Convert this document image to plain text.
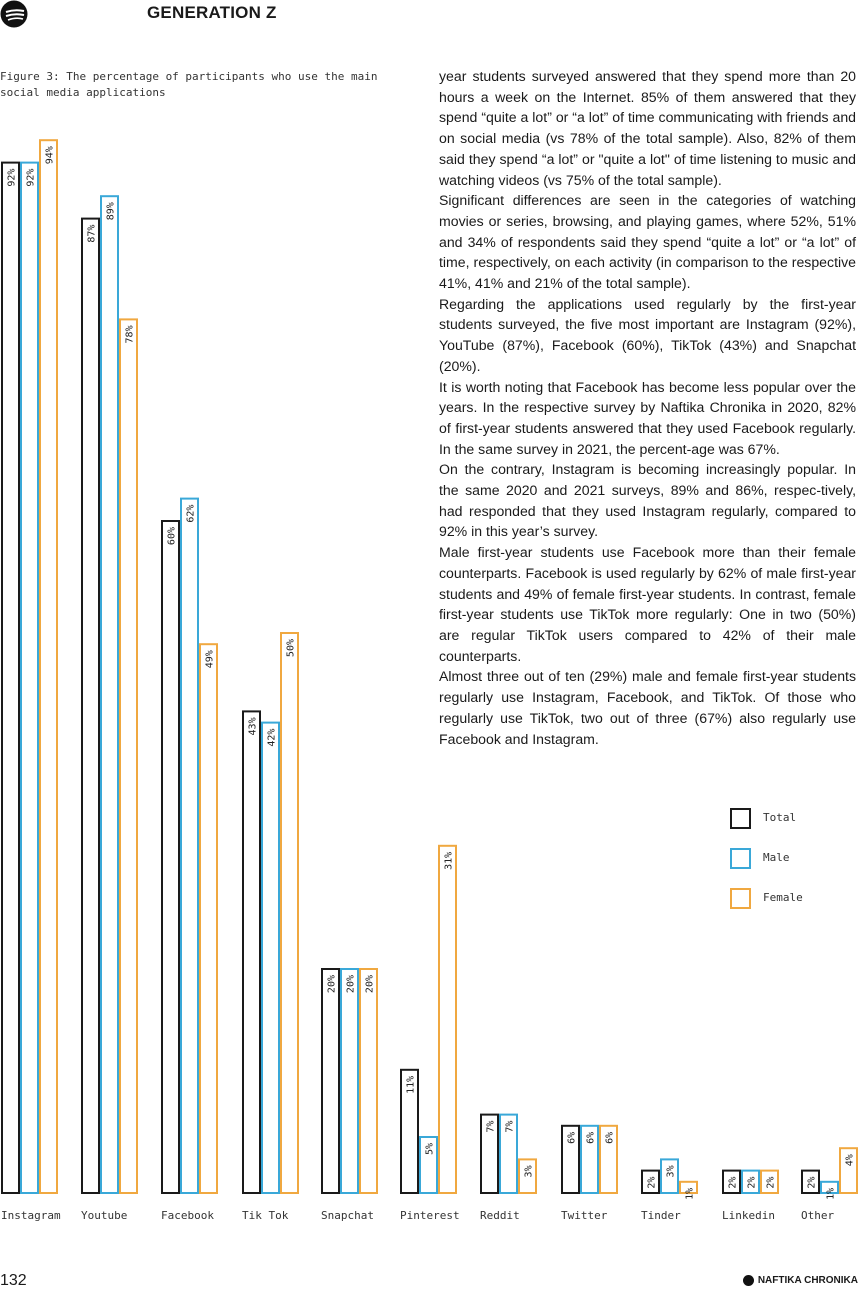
GENERATION Z
Figure 3: The percentage of participants who use the main social media applications

year students surveyed answered that they spend more than 20 hours a week on the Internet. 85% of them answered that they spend “quite a lot” or “a lot” of time communicating with friends and on social media (vs 78% of the total sample). Also, 82% of them said they spend “a lot” or "quite a lot" of time listening to music and watching videos (vs 75% of the total sample).

Significant differences are seen in the categories of watching movies or series, browsing, and playing games, where 52%, 51% and 34% of respondents said they spend “quite a lot” or “a lot” of time, respectively, on each activity (in comparison to the respective 41%, 41% and 21% of the total sample).

Regarding the applications used regularly by the first-year students surveyed, the five most important are Instagram (92%), YouTube (87%), Facebook (60%), TikTok (43%) and Snapchat (20%).

It is worth noting that Facebook has become less popular over the years. In the respective survey by Naftika Chronika in 2020, 82% of first-year students answered that they used Facebook regularly. In the same survey in 2021, the percent-age was 67%.

On the contrary, Instagram is becoming increasingly popular. In the same 2020 and 2021 surveys, 89% and 86%, respec-tively, had responded that they used Instagram regularly, compared to 92% in this year’s survey.

Male first-year students use Facebook more than their female counterparts. Facebook is used regularly by 62% of male first-year students and 49% of female first-year students. In contrast, female first-year students use TikTok more regularly: One in two (50%) are regular TikTok users compared to 42% of their male counterparts.

Almost three out of ten (29%) male and female first-year students regularly use Instagram, Facebook, and TikTok. Of those who regularly use TikTok, two out of three (67%) also regularly use Facebook and Instagram.

92% 92%
94%
Instagram
87%
89%
78%
Youtube
60%
62%
49%
Facebook
43%
42%
50%
Tik Tok
20% 20% 20%
Snapchat
11%
5%
31%
Pinterest
7% 7%
3%
Reddit
6% 6% 6%
Twitter
2%
3%
1%
Tinder
2% 2% 2%
Linkedin
2%
1%
4%
Other
Total
Male
Female
132	NAFTIKA CHRONIKA
